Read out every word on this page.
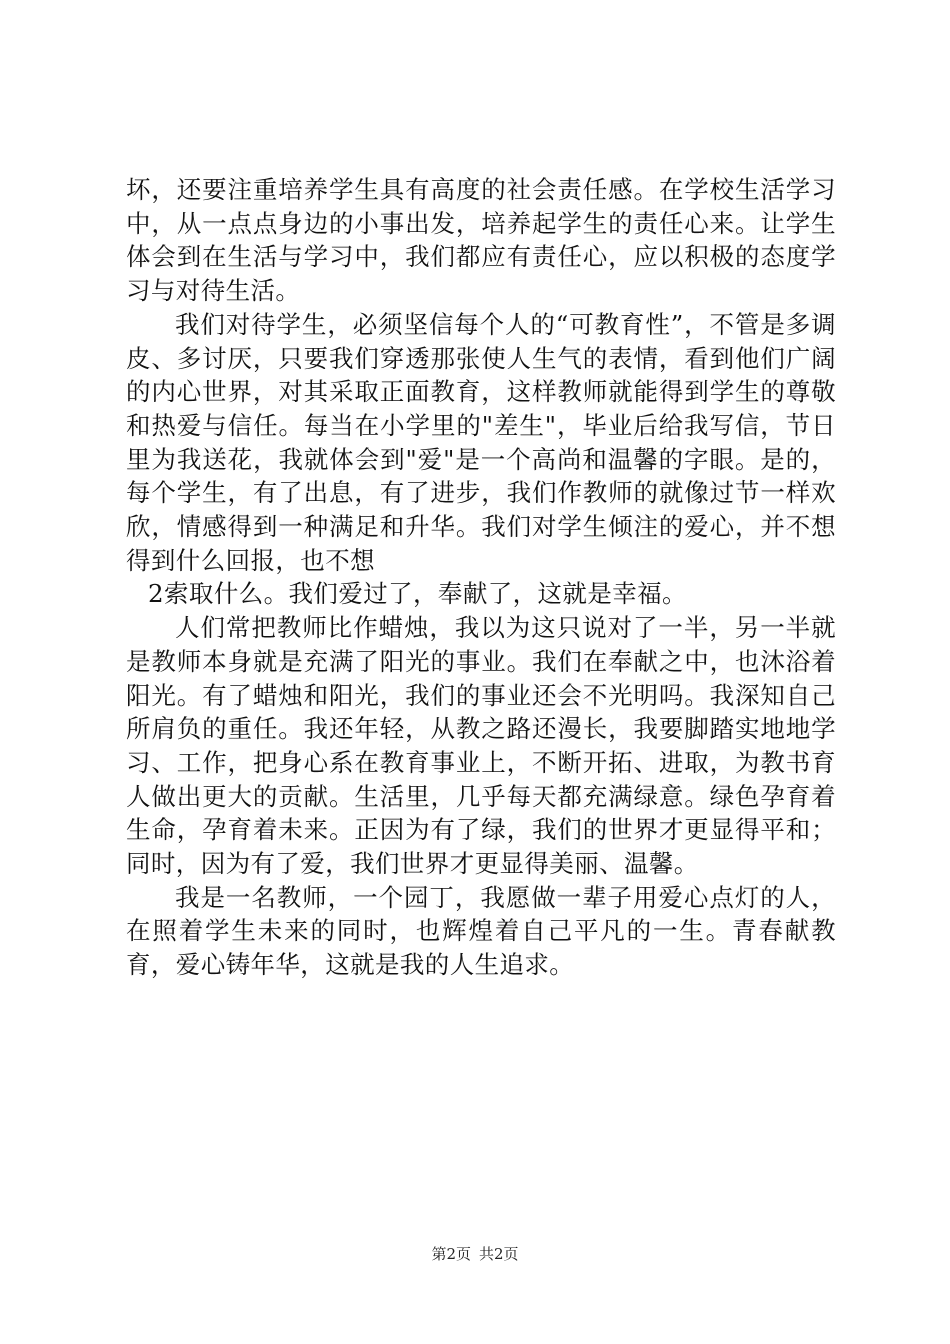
坏，还要注重培养学生具有高度的社会责任感。在学校生活学习中，从一点点身边的小事出发，培养起学生的责任心来。让学生体会到在生活与学习中，我们都应有责任心，应以积极的态度学习与对待生活。

我们对待学生，必须坚信每个人的“可教育性”，不管是多调皮、多讨厌，只要我们穿透那张使人生气的表情，看到他们广阔的内心世界，对其采取正面教育，这样教师就能得到学生的尊敬和热爱与信任。每当在小学里的"差生"，毕业后给我写信，节日里为我送花，我就体会到"爱"是一个高尚和温馨的字眼。是的，每个学生，有了出息，有了进步，我们作教师的就像过节一样欢欣，情感得到一种满足和升华。我们对学生倾注的爱心，并不想得到什么回报，也不想

2索取什么。我们爱过了，奉献了，这就是幸福。

人们常把教师比作蜡烛，我以为这只说对了一半，另一半就是教师本身就是充满了阳光的事业。我们在奉献之中，也沐浴着阳光。有了蜡烛和阳光，我们的事业还会不光明吗。我深知自己所肩负的重任。我还年轻，从教之路还漫长，我要脚踏实地地学习、工作，把身心系在教育事业上，不断开拓、进取，为教书育人做出更大的贡献。生活里，几乎每天都充满绿意。绿色孕育着生命，孕育着未来。正因为有了绿，我们的世界才更显得平和；同时，因为有了爱，我们世界才更显得美丽、温馨。

我是一名教师，一个园丁，我愿做一辈子用爱心点灯的人，在照着学生未来的同时，也辉煌着自己平凡的一生。青春献教育，爱心铸年华，这就是我的人生追求。

第2页 共2页
